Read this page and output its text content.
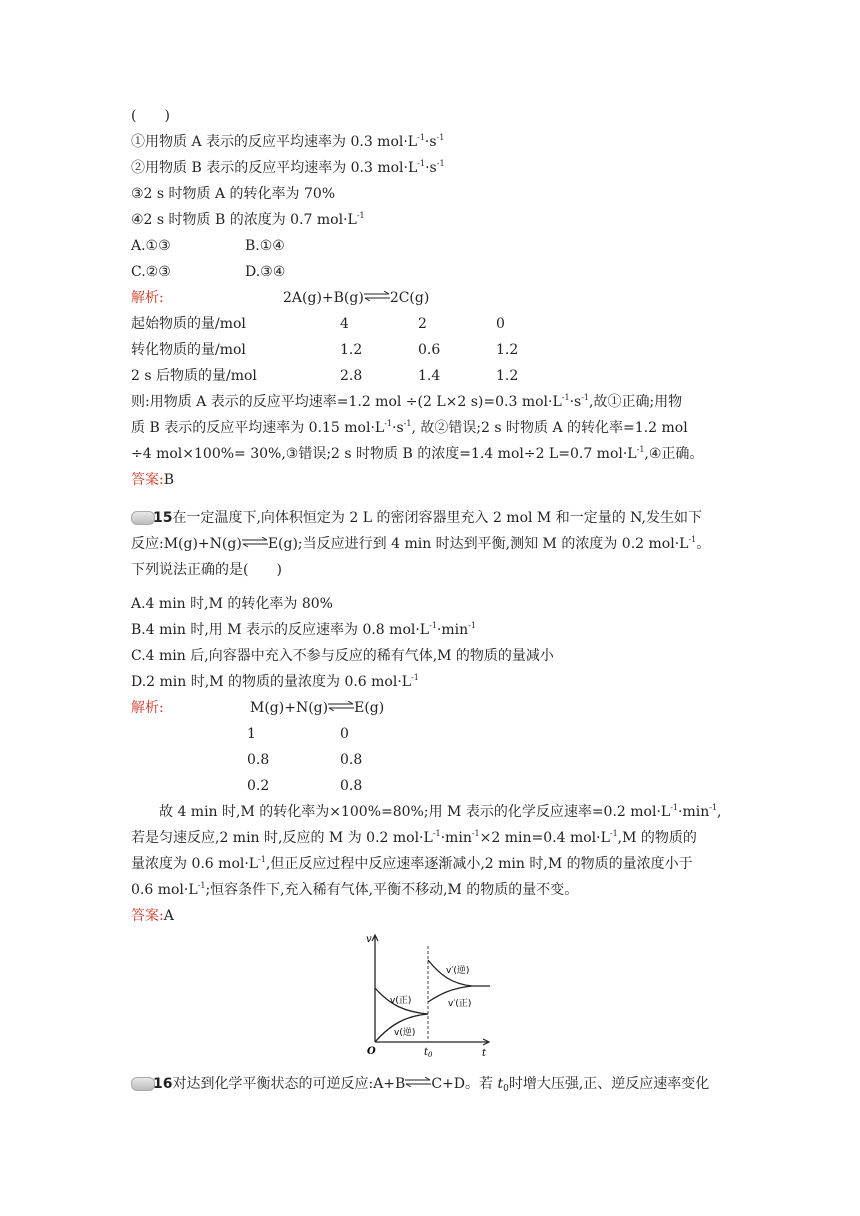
(　　)
①用物质 A 表示的反应平均速率为 0.3 $mol\cdot L^{-1}\cdot s^{-1}$
②用物质 B 表示的反应平均速率为 0.3 $mol\cdot L^{-1}\cdot s^{-1}$
③2 s 时物质 A 的转化率为 70%
④2 s 时物质 B 的浓度为 0.7 $mol\cdot L^{-1}$
A.①③	B.①④
C.②③	D.③④
解析:	2A(g)+B(g)⇌2C(g)
起始物质的量/mol	4	2	0
转化物质的量/mol	1.2	0.6	1.2
2 s 后物质的量/mol	2.8	1.4	1.2
则:用物质 A 表示的反应平均速率=1.2 mol ÷(2 L×2 s)=0.3 $mol\cdot L^{-1}\cdot s^{-1}$,故①正确;用物
质 B 表示的反应平均速率为 0.15 $mol\cdot L^{-1}\cdot s^{-1}$, 故②错误;2 s 时物质 A 的转化率=1.2 mol
÷4 mol×100%= 30%,③错误;2 s 时物质 B 的浓度=1.4 mol÷2 L=0.7 $mol\cdot L^{-1},④$正确。
答案:B
15在一定温度下,向体积恒定为 2 L 的密闭容器里充入 2 mol M 和一定量的 N,发生如下
反应:M(g)+N(g)⇌E(g);当反应进行到 4 min 时达到平衡,测知 M 的浓度为 0.2 $mol\cdot L^{-1}$。
下列说法正确的是(　　)
A.4 min 时,M 的转化率为 80%
B.4 min 时,用 M 表示的反应速率为 0.8 $mol\cdot L^{-1}\cdot\min^{-1}$
C.4 min 后,向容器中充入不参与反应的稀有气体,M 的物质的量减小
D.2 min 时,M 的物质的量浓度为 0.6 $mol\cdot L^{-1}$
解析:	M(g)+N(g)⇌E(g)
1	0
0.8	0.8
0.2	0.8
故 4 min 时,M 的转化率为×100%=80%;用 M 表示的化学反应速率=0.2 $mol\cdot L^{-1}\cdot\min^{-1}$,
若是匀速反应,2 min 时,反应的 M 为 0.2 $mol\cdot L^{-1}\cdot\min^{-1}\times 2$ min=0.4 $mol\cdot L^{-1},M$ 的物质的
量浓度为 0.6 $mol\cdot L^{-1}$,但正反应过程中反应速率逐渐减小,2 min 时,M 的物质的量浓度小于
0.6 $mol\cdot L^{-1}$;恒容条件下,充入稀有气体,平衡不移动,M 的物质的量不变。
答案:A
v
t
O	$t_0$
v(正)
v(逆)
v′(逆)
v′(正)
16对达到化学平衡状态的可逆反应:A+B⇌C+D。若 $t_0$时增大压强,正、逆反应速率变化
